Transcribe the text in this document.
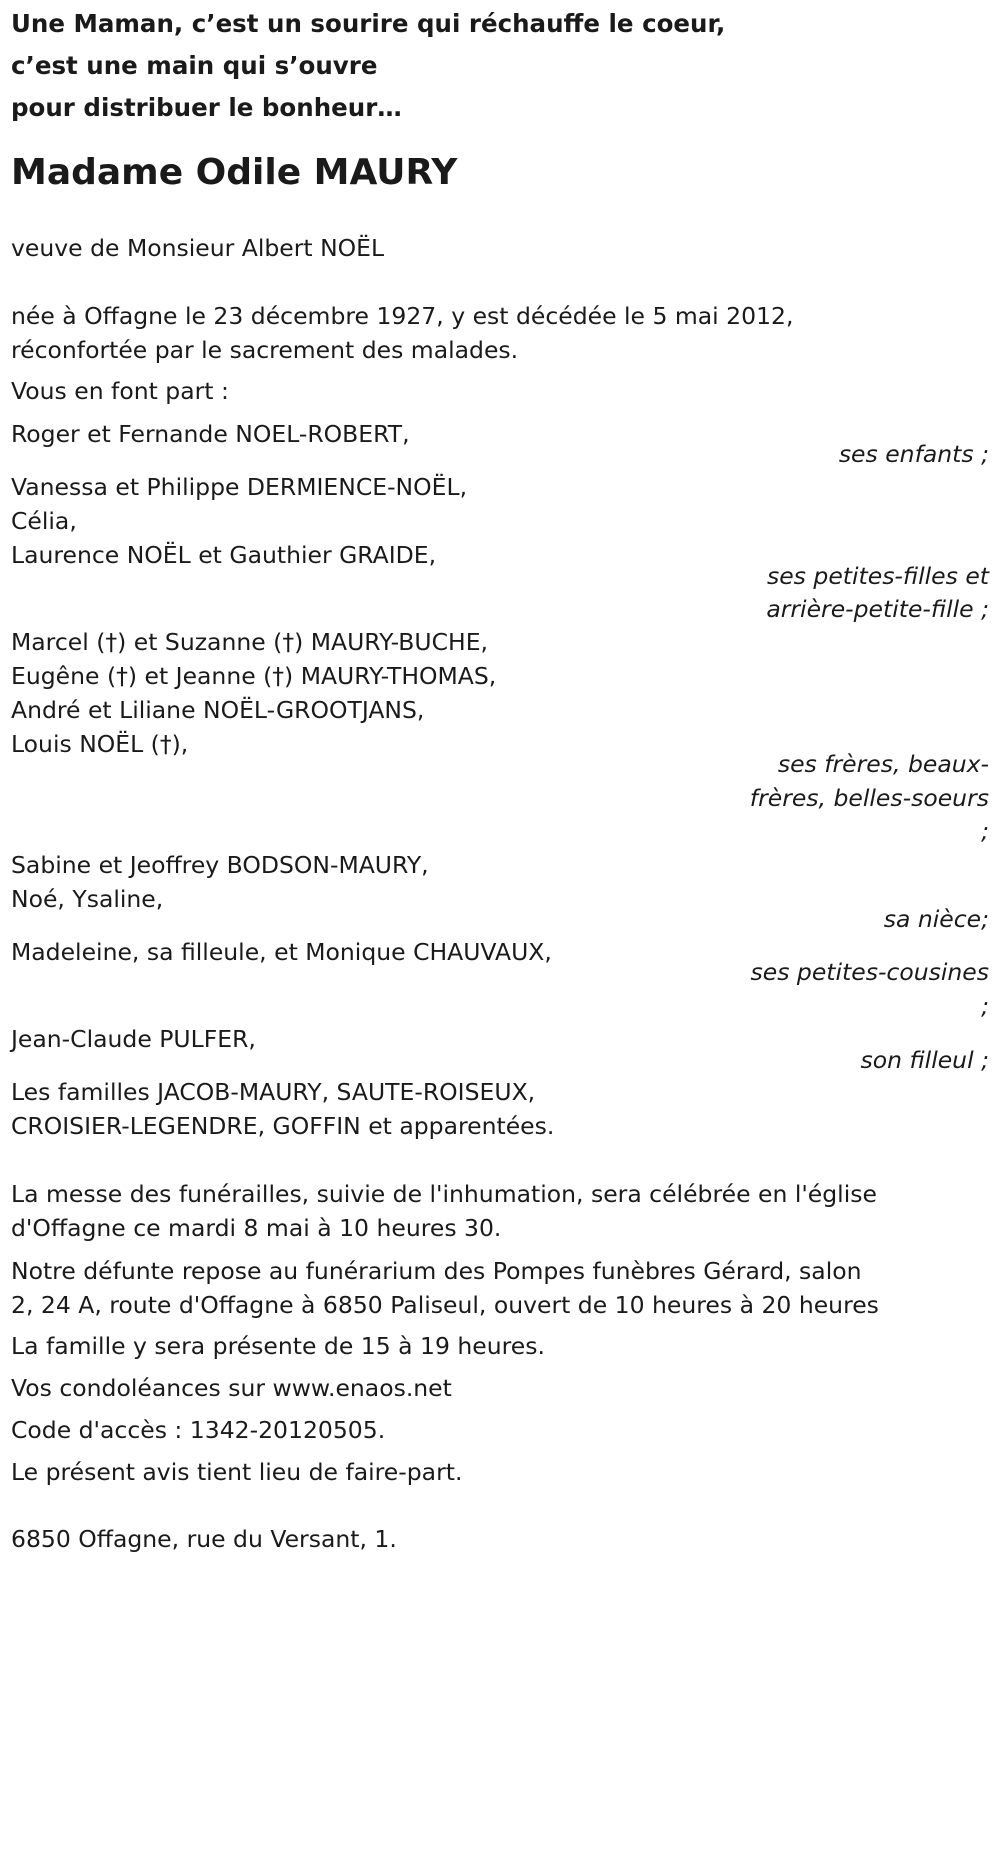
Une Maman, c’est un sourire qui réchauffe le coeur,
c’est une main qui s’ouvre
pour distribuer le bonheur…
Madame Odile MAURY
veuve de Monsieur Albert NOËL
née à Offagne le 23 décembre 1927, y est décédée le 5 mai 2012,
réconfortée par le sacrement des malades.
Vous en font part :
Roger et Fernande NOEL-ROBERT,
ses enfants ;
Vanessa et Philippe DERMIENCE-NOËL,
Célia,
Laurence NOËL et Gauthier GRAIDE,
ses petites-filles et
arrière-petite-fille ;
Marcel (†) et Suzanne (†) MAURY-BUCHE,
Eugêne (†) et Jeanne (†) MAURY-THOMAS,
André et Liliane NOËL-GROOTJANS,
Louis NOËL (†),
ses frères, beaux-
frères, belles-soeurs
;
Sabine et Jeoffrey BODSON-MAURY,
Noé, Ysaline,
sa nièce;
Madeleine, sa filleule, et Monique CHAUVAUX,
ses petites-cousines
;
Jean-Claude PULFER,
son filleul ;
Les familles JACOB-MAURY, SAUTE-ROISEUX,
CROISIER-LEGENDRE, GOFFIN et apparentées.
La messe des funérailles, suivie de l'inhumation, sera célébrée en l'église
d'Offagne ce mardi 8 mai à 10 heures 30.
Notre défunte repose au funérarium des Pompes funèbres Gérard, salon
2, 24 A, route d'Offagne à 6850 Paliseul, ouvert de 10 heures à 20 heures
La famille y sera présente de 15 à 19 heures.
Vos condoléances sur www.enaos.net
Code d'accès : 1342-20120505.
Le présent avis tient lieu de faire-part.
6850 Offagne, rue du Versant, 1.
